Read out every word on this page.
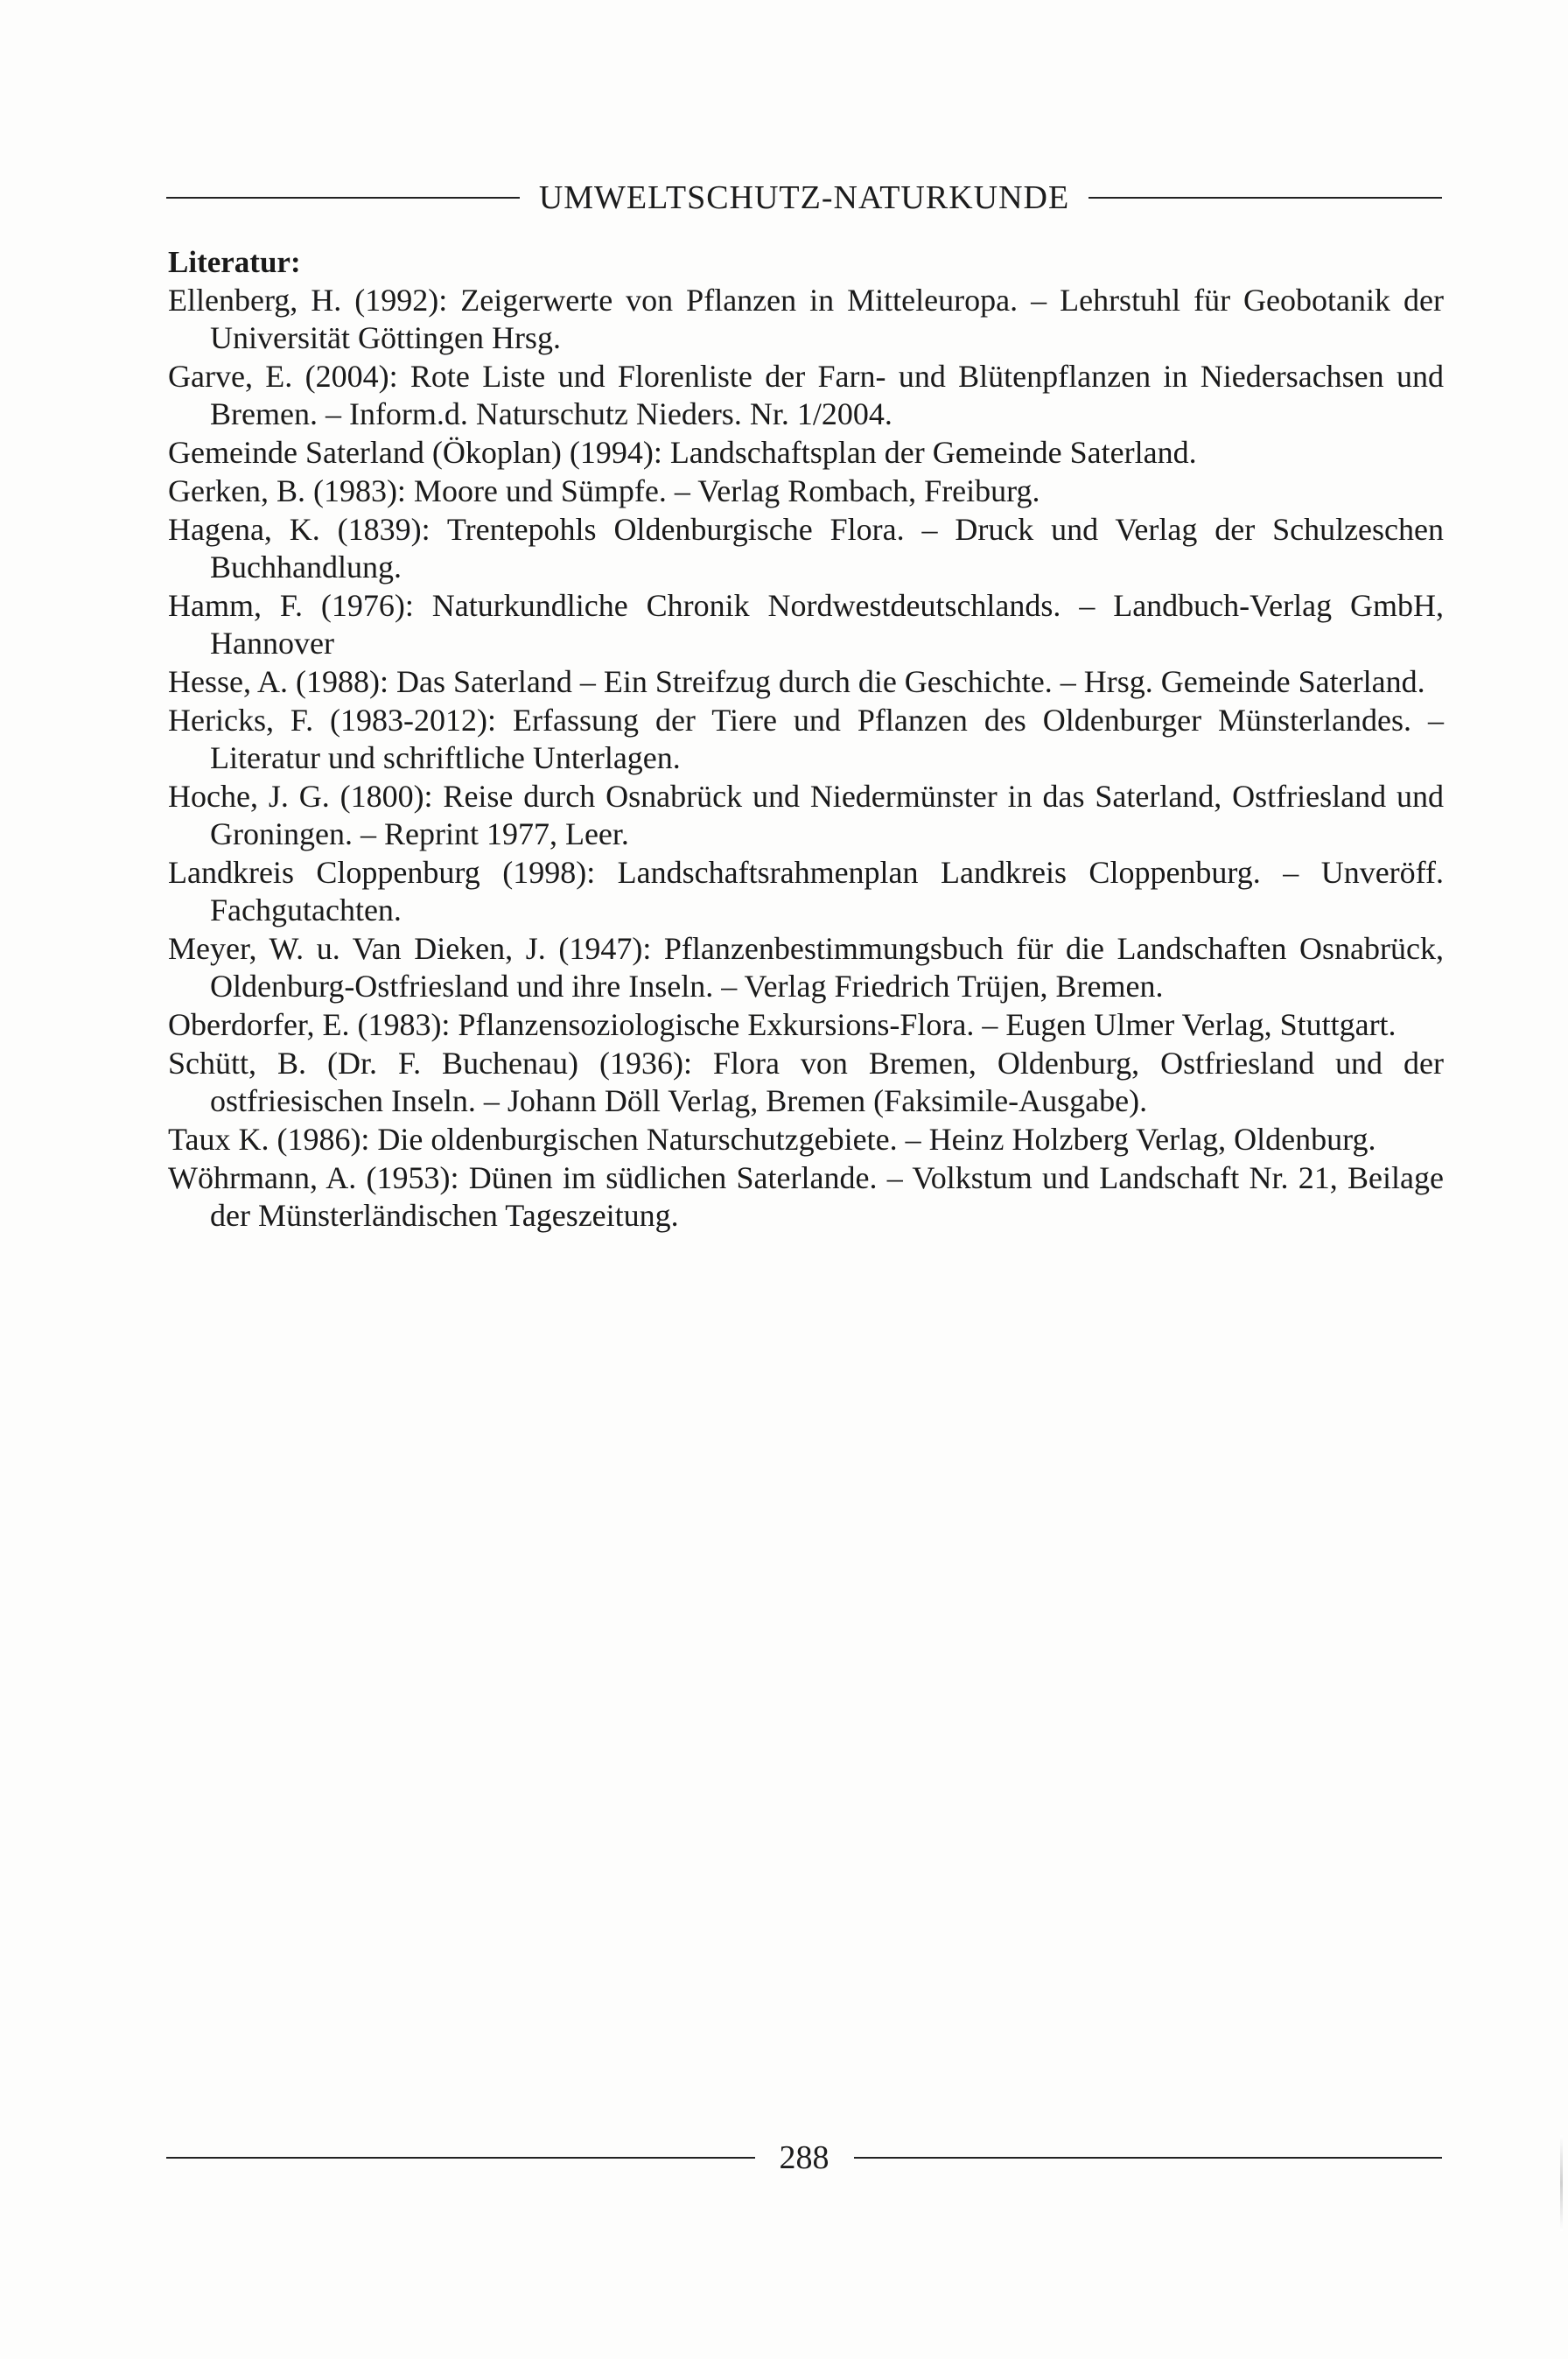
UMWELTSCHUTZ-NATURKUNDE

Literatur:

Ellenberg, H. (1992): Zeigerwerte von Pflanzen in Mitteleuropa. – Lehrstuhl für Geobotanik der Universität Göttingen Hrsg.
Garve, E. (2004): Rote Liste und Florenliste der Farn- und Blütenpflanzen in Niedersachsen und Bremen. – Inform.d. Naturschutz Nieders. Nr. 1/2004.
Gemeinde Saterland (Ökoplan) (1994): Landschaftsplan der Gemeinde Saterland.
Gerken, B. (1983): Moore und Sümpfe. – Verlag Rombach, Freiburg.
Hagena, K. (1839): Trentepohls Oldenburgische Flora. – Druck und Verlag der Schulzeschen Buchhandlung.
Hamm, F. (1976): Naturkundliche Chronik Nordwestdeutschlands. – Landbuch-Verlag GmbH, Hannover
Hesse, A. (1988): Das Saterland – Ein Streifzug durch die Geschichte. – Hrsg. Gemeinde Saterland.
Hericks, F. (1983-2012): Erfassung der Tiere und Pflanzen des Oldenburger Münsterlandes. – Literatur und schriftliche Unterlagen.
Hoche, J. G. (1800): Reise durch Osnabrück und Niedermünster in das Saterland, Ostfriesland und Groningen. – Reprint 1977, Leer.
Landkreis Cloppenburg (1998): Landschaftsrahmenplan Landkreis Cloppenburg. – Unveröff. Fachgutachten.
Meyer, W. u. Van Dieken, J. (1947): Pflanzenbestimmungsbuch für die Landschaften Osnabrück, Oldenburg-Ostfriesland und ihre Inseln. – Verlag Friedrich Trüjen, Bremen.
Oberdorfer, E. (1983): Pflanzensoziologische Exkursions-Flora. – Eugen Ulmer Verlag, Stuttgart.
Schütt, B. (Dr. F. Buchenau) (1936): Flora von Bremen, Oldenburg, Ostfriesland und der ostfriesischen Inseln. – Johann Döll Verlag, Bremen (Faksimile-Ausgabe).
Taux K. (1986): Die oldenburgischen Naturschutzgebiete. – Heinz Holzberg Verlag, Oldenburg.
Wöhrmann, A. (1953): Dünen im südlichen Saterlande. – Volkstum und Landschaft Nr. 21, Beilage der Münsterländischen Tageszeitung.
288
